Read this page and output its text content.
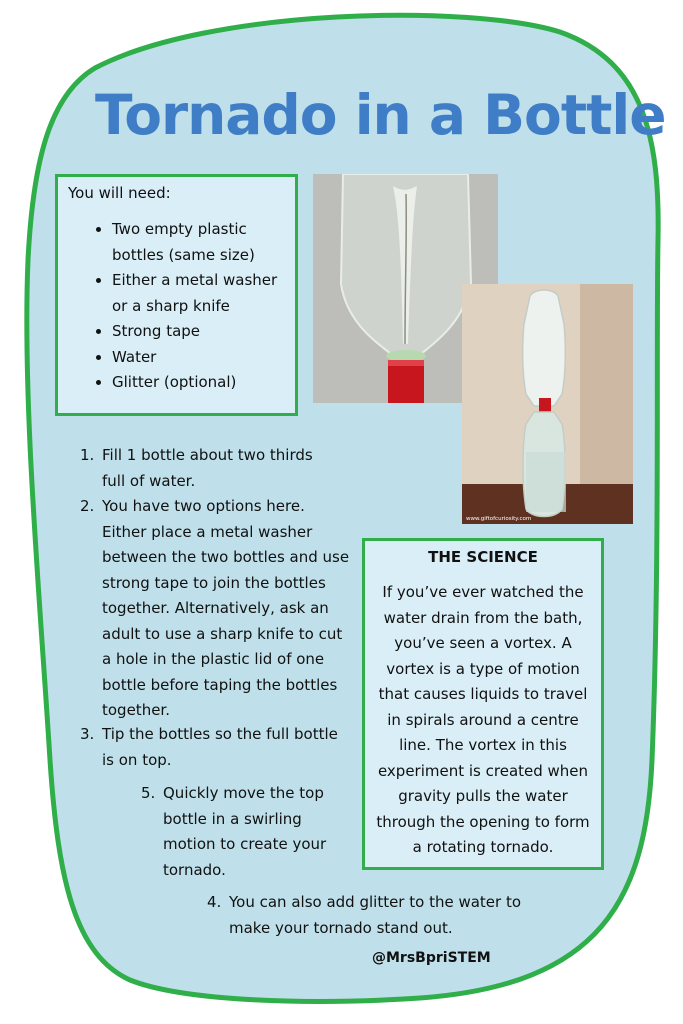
Tornado in a Bottle

You will need:

• Two empty plastic bottles (same size)
• Either a metal washer or a sharp knife
• Strong tape
• Water
• Glitter (optional)
www.giftofcuriosity.com
1. Fill 1 bottle about two thirds full of water.
2. You have two options here. Either place a metal washer between the two bottles and use strong tape to join the bottles together. Alternatively, ask an adult to use a sharp knife to cut a hole in the plastic lid of one bottle before taping the bottles together.
3. Tip the bottles so the full bottle is on top.
5. Quickly move the top bottle in a swirling motion to create your tornado.
4. You can also add glitter to the water to make your tornado stand out.

THE SCIENCE

If you’ve ever watched the water drain from the bath, you’ve seen a vortex. A vortex is a type of motion that causes liquids to travel in spirals around a centre line. The vortex in this experiment is created when gravity pulls the water through the opening to form a rotating tornado.

@MrsBpriSTEM
